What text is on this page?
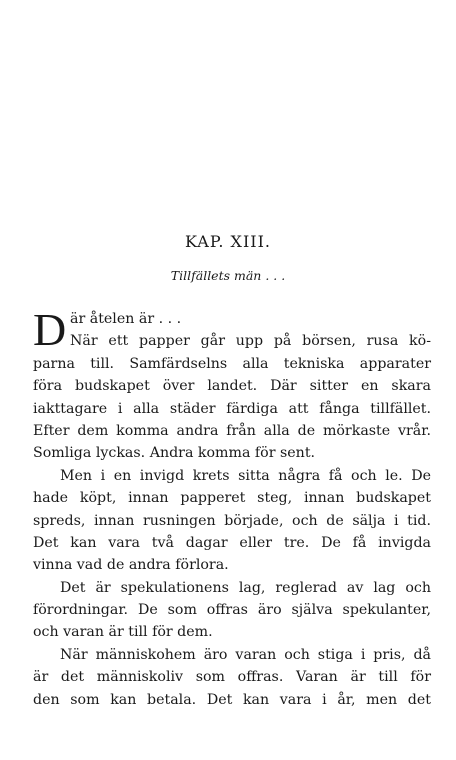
KAP. XIII.
Tillfällets män . . .
D är åtelen är . . .
När ett papper går upp på börsen, rusa kö-
parna till. Samfärdselns alla tekniska apparater
föra budskapet över landet. Där sitter en skara
iakttagare i alla städer färdiga att fånga tillfället.
Efter dem komma andra från alla de mörkaste vrår.
Somliga lyckas. Andra komma för sent.
Men i en invigd krets sitta några få och le. De
hade köpt, innan papperet steg, innan budskapet
spreds, innan rusningen började, och de sälja i tid.
Det kan vara två dagar eller tre. De få invigda
vinna vad de andra förlora.
Det är spekulationens lag, reglerad av lag och
förordningar. De som offras äro själva spekulanter,
och varan är till för dem.
När människohem äro varan och stiga i pris, då
är det människoliv som offras. Varan är till för
den som kan betala. Det kan vara i år, men det
